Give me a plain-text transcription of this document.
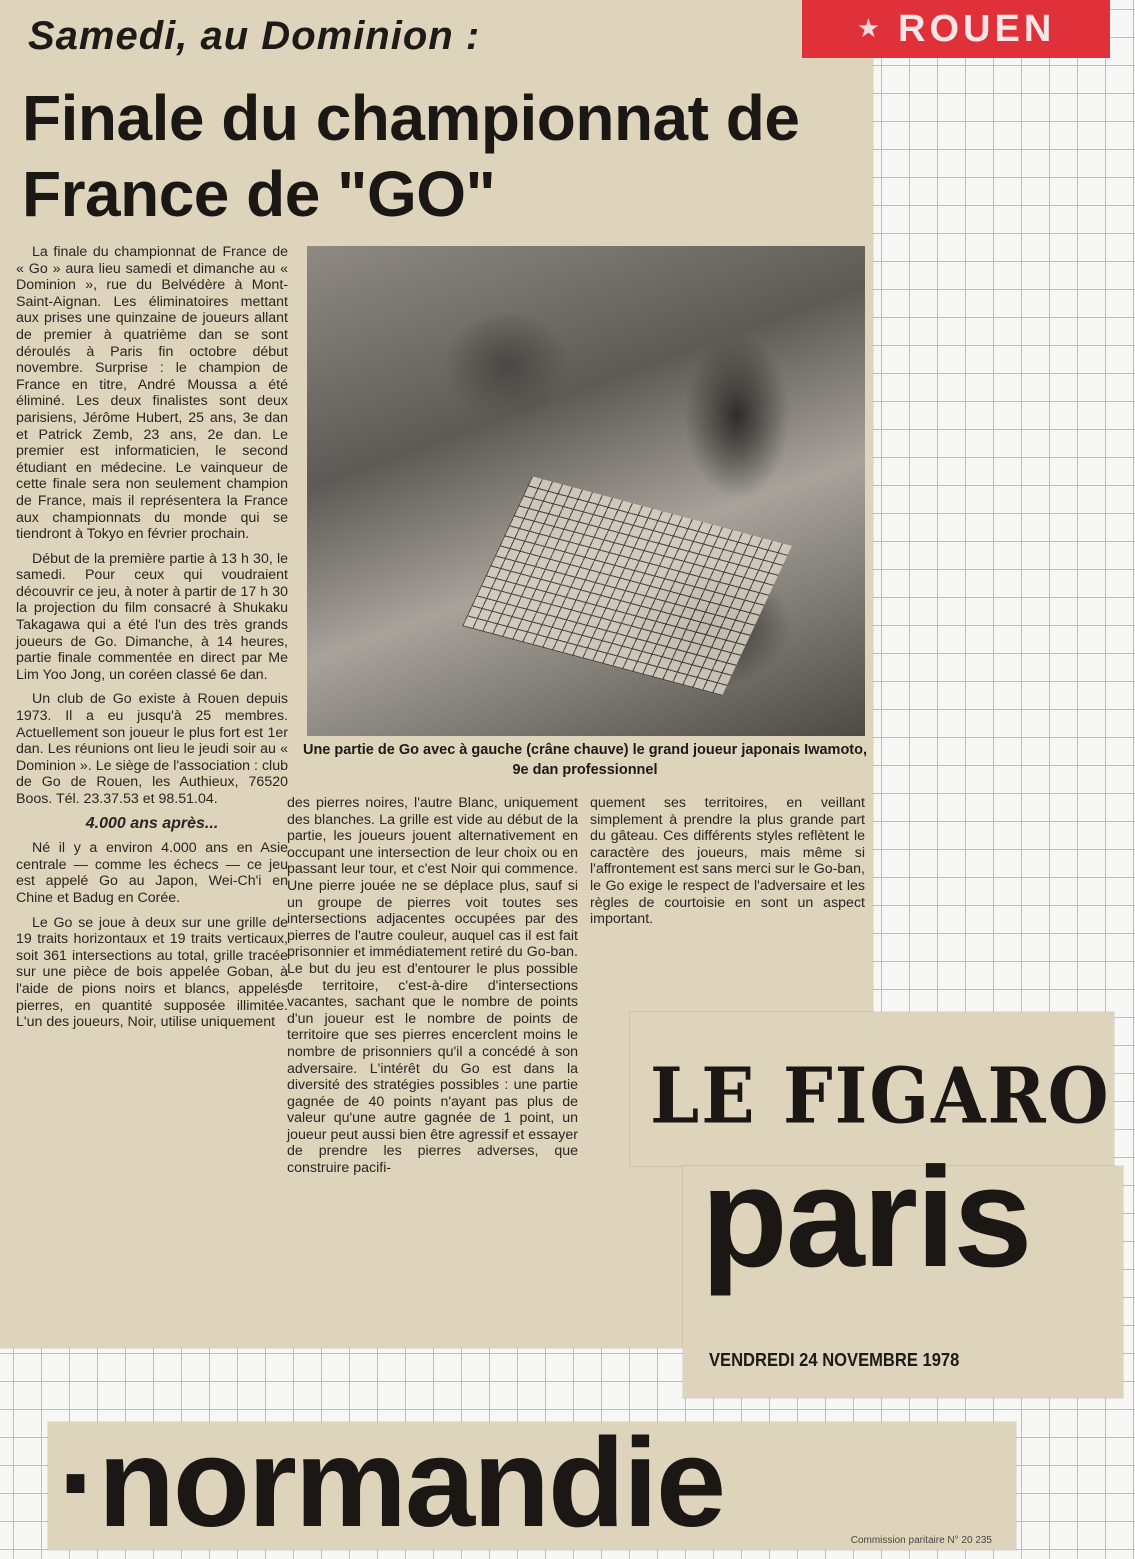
Samedi, au Dominion :
Finale du championnat de France de "GO"

La finale du championnat de France de « Go » aura lieu samedi et dimanche au « Dominion », rue du Belvédère à Mont-Saint-Aignan. Les éliminatoires mettant aux prises une quinzaine de joueurs allant de premier à quatrième dan se sont déroulés à Paris fin octobre début novembre. Surprise : le champion de France en titre, André Moussa a été éliminé. Les deux finalistes sont deux parisiens, Jérôme Hubert, 25 ans, 3e dan et Patrick Zemb, 23 ans, 2e dan. Le premier est informaticien, le second étudiant en médecine. Le vainqueur de cette finale sera non seulement champion de France, mais il représentera la France aux championnats du monde qui se tiendront à Tokyo en février prochain.

Début de la première partie à 13 h 30, le samedi. Pour ceux qui voudraient découvrir ce jeu, à noter à partir de 17 h 30 la projection du film consacré à Shukaku Takagawa qui a été l'un des très grands joueurs de Go. Dimanche, à 14 heures, partie finale commentée en direct par Me Lim Yoo Jong, un coréen classé 6e dan.

Un club de Go existe à Rouen depuis 1973. Il a eu jusqu'à 25 membres. Actuellement son joueur le plus fort est 1er dan. Les réunions ont lieu le jeudi soir au « Dominion ». Le siège de l'association : club de Go de Rouen, les Authieux, 76520 Boos. Tél. 23.37.53 et 98.51.04.

4.000 ans après...

Né il y a environ 4.000 ans en Asie centrale — comme les échecs — ce jeu est appelé Go au Japon, Wei-Ch'i en Chine et Badug en Corée.

Le Go se joue à deux sur une grille de 19 traits horizontaux et 19 traits verticaux, soit 361 intersections au total, grille tracée sur une pièce de bois appelée Goban, à l'aide de pions noirs et blancs, appelés pierres, en quantité supposée illimitée. L'un des joueurs, Noir, utilise uniquement

Une partie de Go avec à gauche (crâne chauve) le grand joueur japonais Iwamoto, 9e dan professionnel

des pierres noires, l'autre Blanc, uniquement des blanches. La grille est vide au début de la partie, les joueurs jouent alternativement en occupant une intersection de leur choix ou en passant leur tour, et c'est Noir qui commence. Une pierre jouée ne se déplace plus, sauf si un groupe de pierres voit toutes ses intersections adjacentes occupées par des pierres de l'autre couleur, auquel cas il est fait prisonnier et immédiatement retiré du Go-ban. Le but du jeu est d'entourer le plus possible de territoire, c'est-à-dire d'intersections vacantes, sachant que le nombre de points d'un joueur est le nombre de points de territoire que ses pierres encerclent moins le nombre de prisonniers qu'il a concédé à son adversaire. L'intérêt du Go est dans la diversité des stratégies possibles : une partie gagnée de 40 points n'ayant pas plus de valeur qu'une autre gagnée de 1 point, un joueur peut aussi bien être agressif et essayer de prendre les pierres adverses, que construire pacifi-

quement ses territoires, en veillant simplement à prendre la plus grande part du gâteau. Ces différents styles reflètent le caractère des joueurs, mais même si l'affrontement est sans merci sur le Go-ban, le Go exige le respect de l'adversaire et les règles de courtoisie en sont un aspect important.

★ ROUEN
LE FIGARO
paris
VENDREDI 24 NOVEMBRE 1978
·normandie	Commission paritaire N° 20 235
